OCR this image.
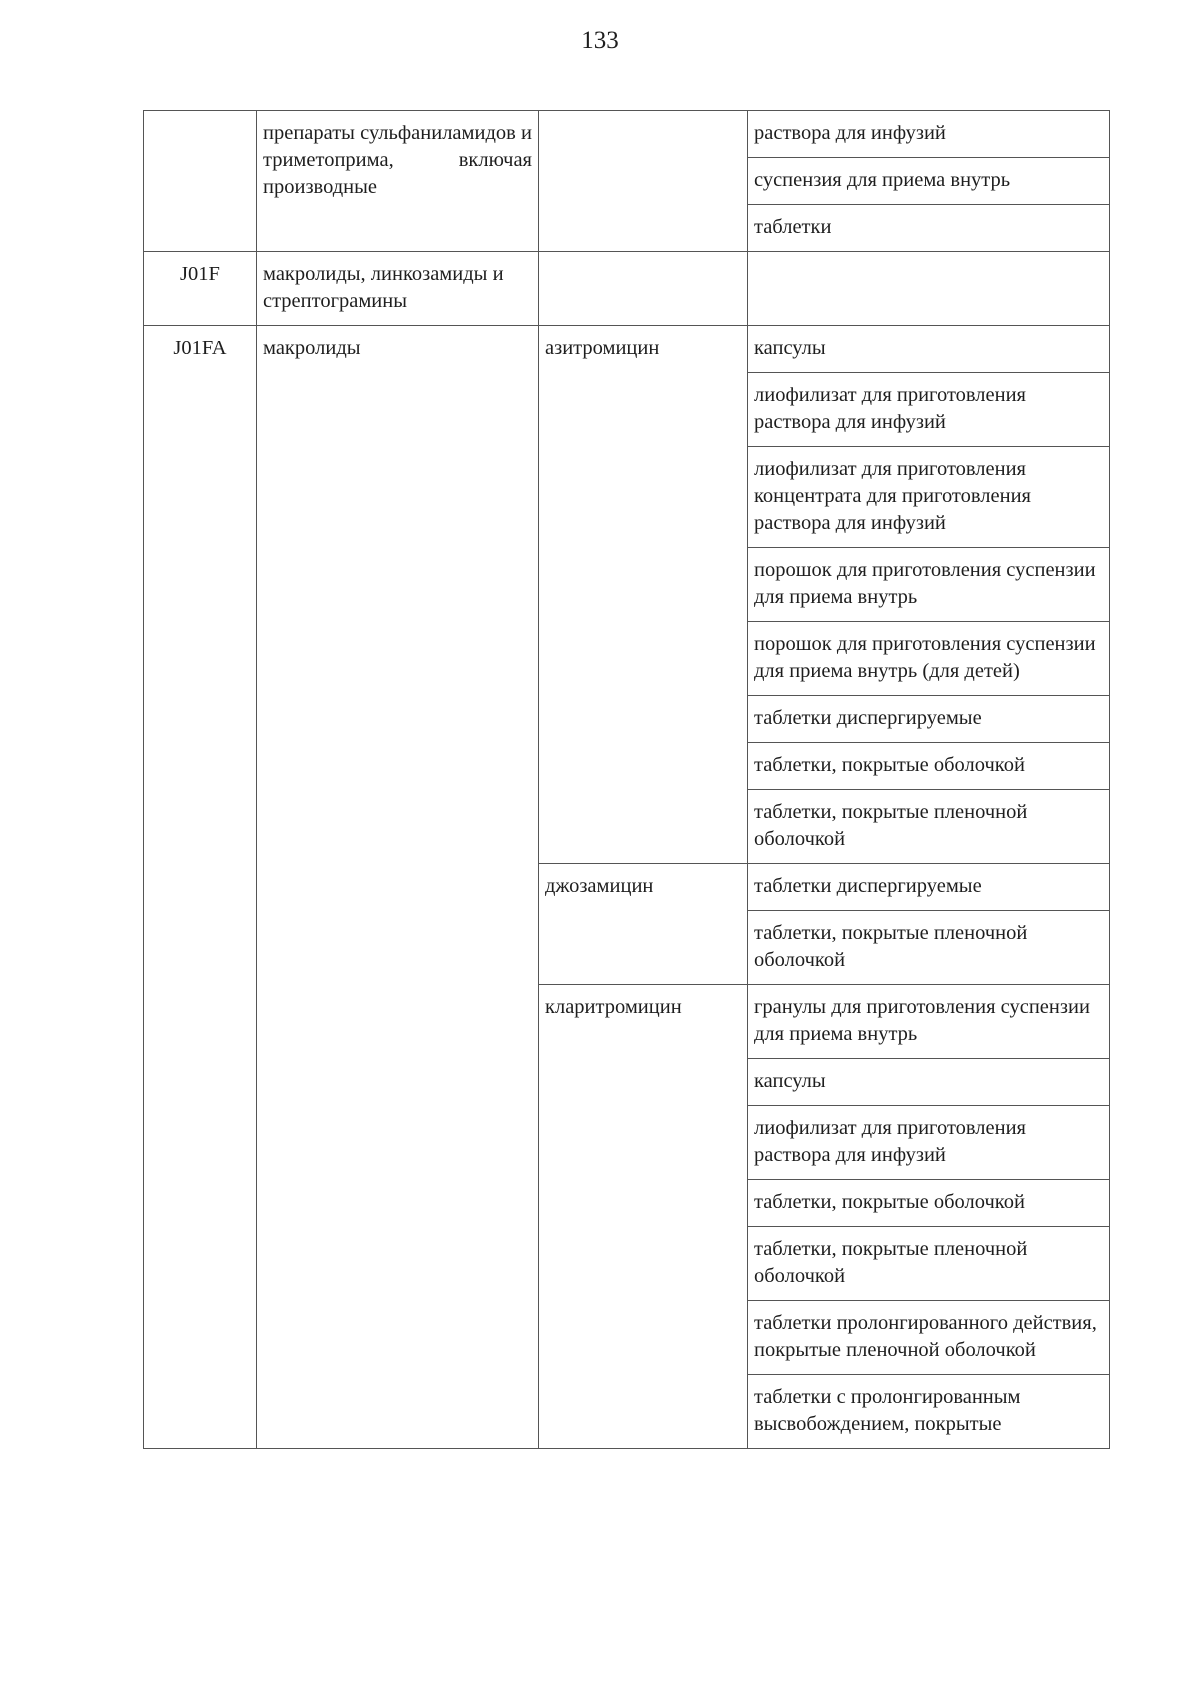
133
	препараты сульфаниламидов и триметоприма, включая производные		раствора для инфузий
			суспензия для приема внутрь
			таблетки
J01F	макролиды, линкозамиды и стрептограмины		
J01FA	макролиды	азитромицин	капсулы
			лиофилизат для приготовления раствора для инфузий
			лиофилизат для приготовления концентрата для приготовления раствора для инфузий
			порошок для приготовления суспензии для приема внутрь
			порошок для приготовления суспензии для приема внутрь (для детей)
			таблетки диспергируемые
			таблетки, покрытые оболочкой
			таблетки, покрытые пленочной оболочкой
		джозамицин	таблетки диспергируемые
			таблетки, покрытые пленочной оболочкой
		кларитромицин	гранулы для приготовления суспензии для приема внутрь
			капсулы
			лиофилизат для приготовления раствора для инфузий
			таблетки, покрытые оболочкой
			таблетки, покрытые пленочной оболочкой
			таблетки пролонгированного действия, покрытые пленочной оболочкой
			таблетки с пролонгированным высвобождением, покрытые
